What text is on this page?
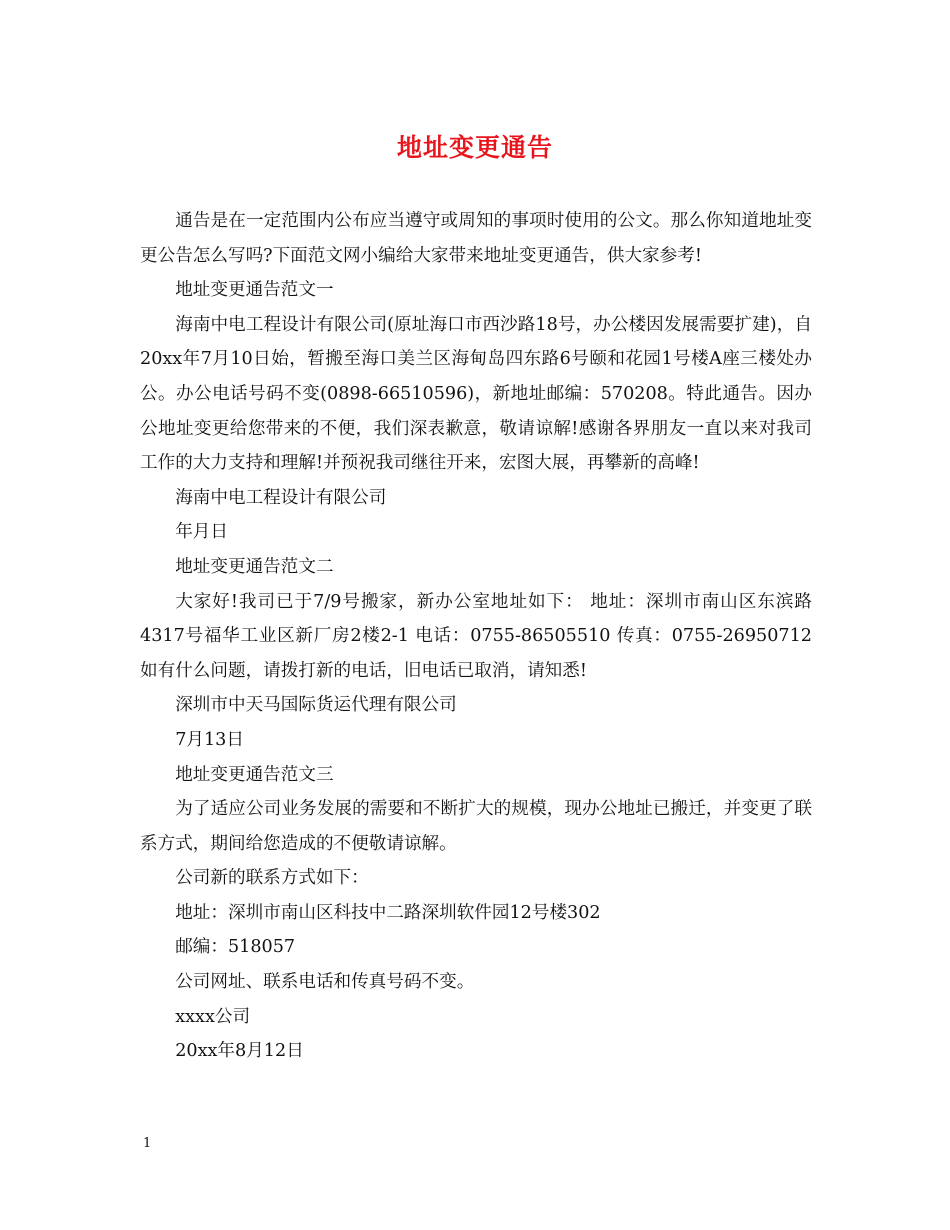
地址变更通告

通告是在一定范围内公布应当遵守或周知的事项时使用的公文。那么你知道地址变更公告怎么写吗?下面范文网小编给大家带来地址变更通告，供大家参考!

地址变更通告范文一

海南中电工程设计有限公司(原址海口市西沙路18号，办公楼因发展需要扩建)，自20xx年7月10日始，暂搬至海口美兰区海甸岛四东路6号颐和花园1号楼A座三楼处办公。办公电话号码不变(0898-66510596)，新地址邮编：570208。特此通告。因办公地址变更给您带来的不便，我们深表歉意，敬请谅解!感谢各界朋友一直以来对我司工作的大力支持和理解!并预祝我司继往开来，宏图大展，再攀新的高峰!

海南中电工程设计有限公司

年月日

地址变更通告范文二

大家好!我司已于7/9号搬家，新办公室地址如下： 地址：深圳市南山区东滨路4317号福华工业区新厂房2楼2-1 电话：0755-86505510 传真：0755-26950712 如有什么问题，请拨打新的电话，旧电话已取消，请知悉!

深圳市中天马国际货运代理有限公司

7月13日

地址变更通告范文三

为了适应公司业务发展的需要和不断扩大的规模，现办公地址已搬迁，并变更了联系方式，期间给您造成的不便敬请谅解。

公司新的联系方式如下：

地址：深圳市南山区科技中二路深圳软件园12号楼302

邮编：518057

公司网址、联系电话和传真号码不变。

xxxx公司

20xx年8月12日

1
